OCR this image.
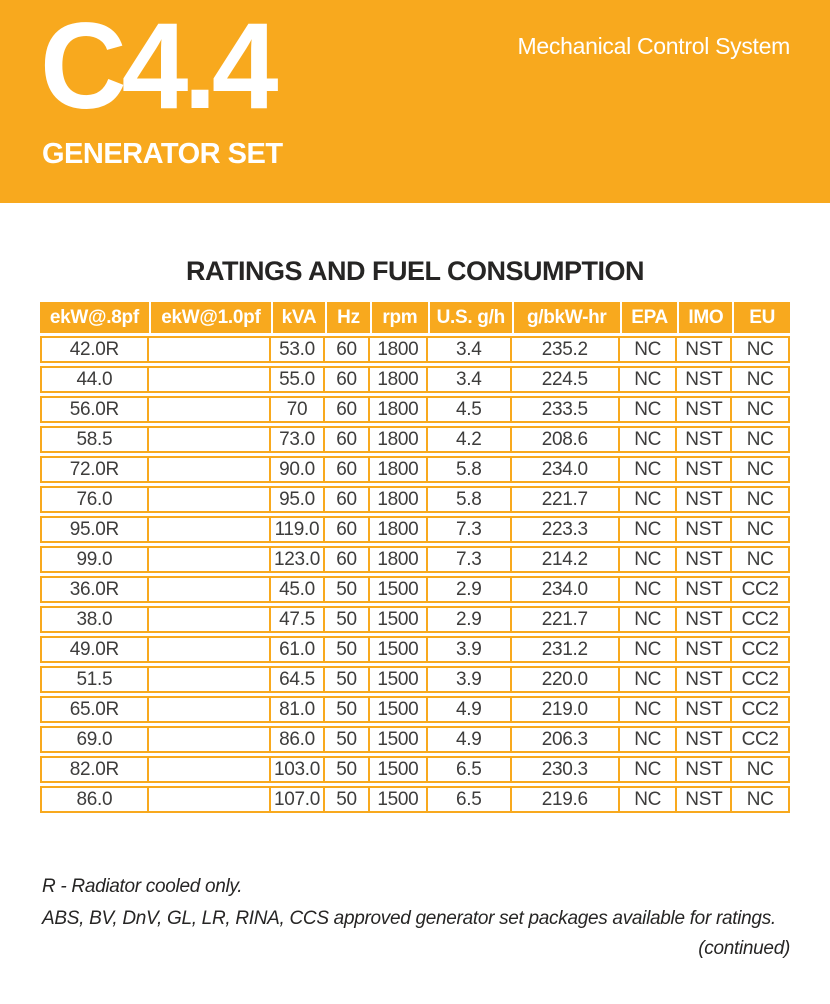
C4.4
GENERATOR SET
Mechanical Control System
RATINGS AND FUEL CONSUMPTION
ekW@.8pf	ekW@1.0pf	kVA	Hz	rpm	U.S. g/h	g/bkW-hr	EPA	IMO	EU
42.0R		53.0	60	1800	3.4	235.2	NC	NST	NC
44.0		55.0	60	1800	3.4	224.5	NC	NST	NC
56.0R		70	60	1800	4.5	233.5	NC	NST	NC
58.5		73.0	60	1800	4.2	208.6	NC	NST	NC
72.0R		90.0	60	1800	5.8	234.0	NC	NST	NC
76.0		95.0	60	1800	5.8	221.7	NC	NST	NC
95.0R		119.0	60	1800	7.3	223.3	NC	NST	NC
99.0		123.0	60	1800	7.3	214.2	NC	NST	NC
36.0R		45.0	50	1500	2.9	234.0	NC	NST	CC2
38.0		47.5	50	1500	2.9	221.7	NC	NST	CC2
49.0R		61.0	50	1500	3.9	231.2	NC	NST	CC2
51.5		64.5	50	1500	3.9	220.0	NC	NST	CC2
65.0R		81.0	50	1500	4.9	219.0	NC	NST	CC2
69.0		86.0	50	1500	4.9	206.3	NC	NST	CC2
82.0R		103.0	50	1500	6.5	230.3	NC	NST	NC
86.0		107.0	50	1500	6.5	219.6	NC	NST	NC
R - Radiator cooled only.
ABS, BV, DnV, GL, LR, RINA, CCS approved generator set packages available for ratings.
(continued)
